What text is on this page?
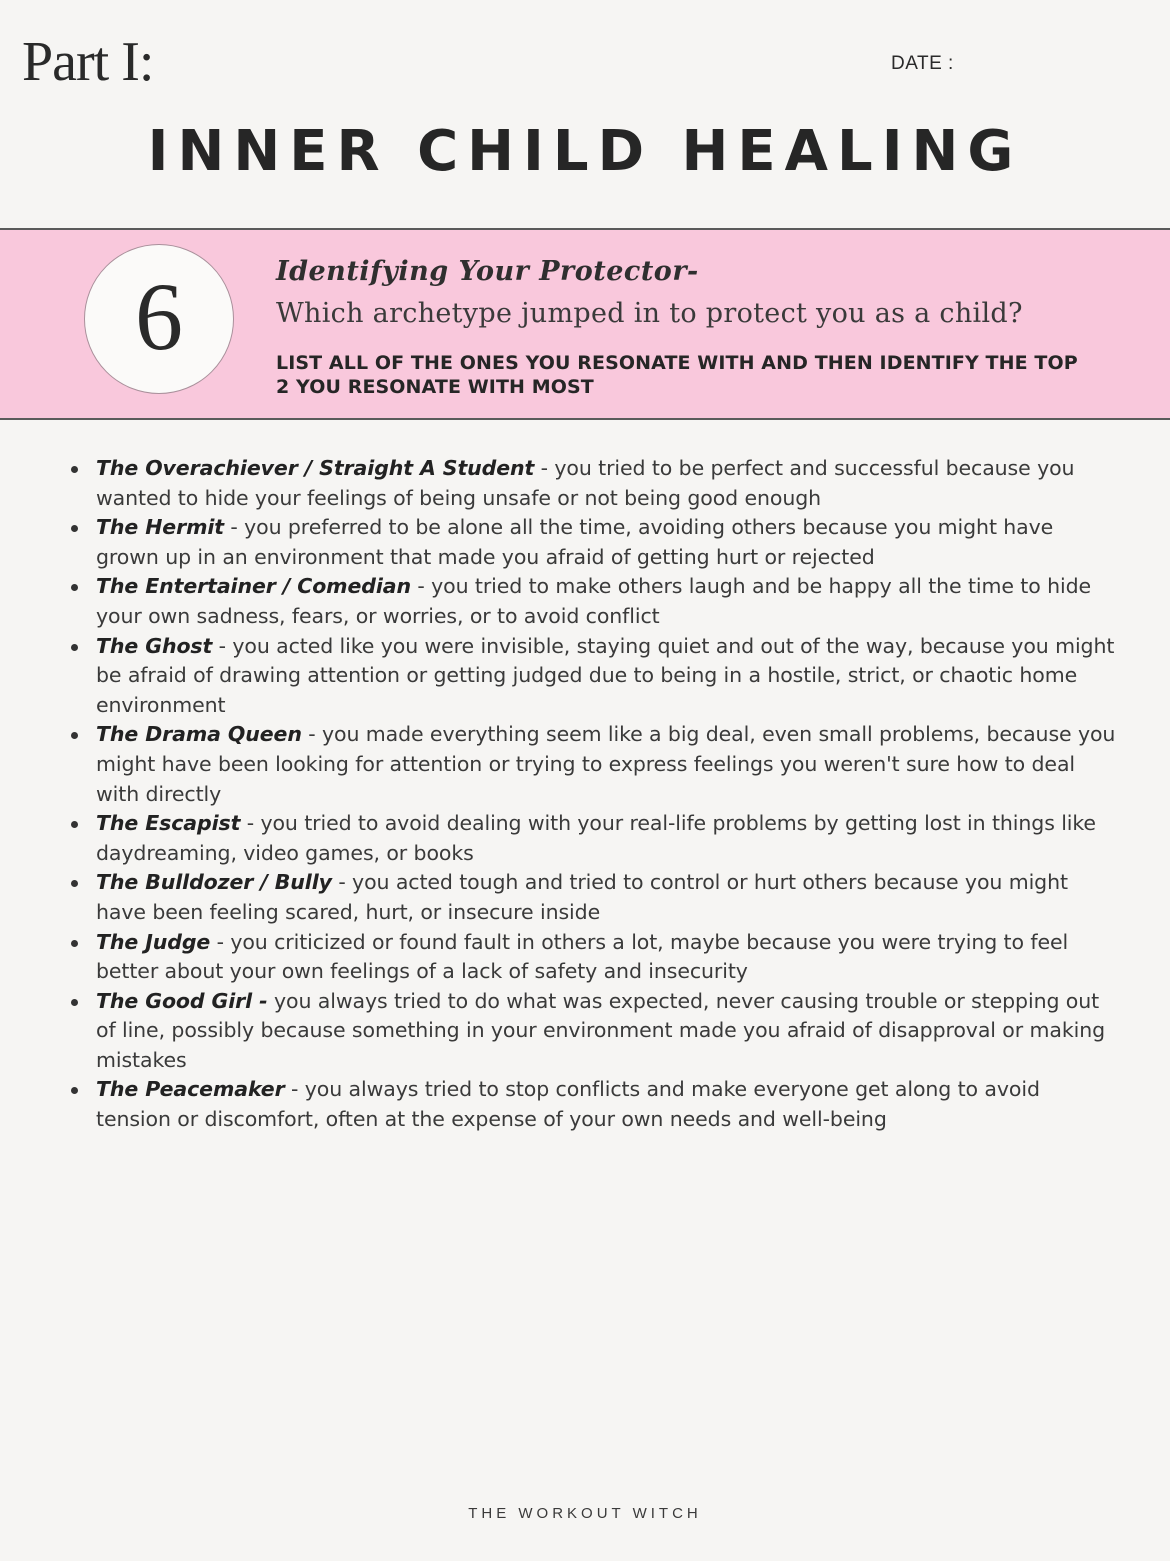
Part I:	DATE :
INNER CHILD HEALING
6	Identifying Your Protector-
Which archetype jumped in to protect you as a child?
LIST ALL OF THE ONES YOU RESONATE WITH AND THEN IDENTIFY THE TOP 2 YOU RESONATE WITH MOST
The Overachiever / Straight A Student - you tried to be perfect and successful because you wanted to hide your feelings of being unsafe or not being good enough
The Hermit - you preferred to be alone all the time, avoiding others because you might have grown up in an environment that made you afraid of getting hurt or rejected
The Entertainer / Comedian - you tried to make others laugh and be happy all the time to hide your own sadness, fears, or worries, or to avoid conflict
The Ghost - you acted like you were invisible, staying quiet and out of the way, because you might be afraid of drawing attention or getting judged due to being in a hostile, strict, or chaotic home environment
The Drama Queen - you made everything seem like a big deal, even small problems, because you might have been looking for attention or trying to express feelings you weren't sure how to deal with directly
The Escapist - you tried to avoid dealing with your real-life problems by getting lost in things like daydreaming, video games, or books
The Bulldozer / Bully - you acted tough and tried to control or hurt others because you might have been feeling scared, hurt, or insecure inside
The Judge - you criticized or found fault in others a lot, maybe because you were trying to feel better about your own feelings of a lack of safety and insecurity
The Good Girl - you always tried to do what was expected, never causing trouble or stepping out of line, possibly because something in your environment made you afraid of disapproval or making mistakes
The Peacemaker - you always tried to stop conflicts and make everyone get along to avoid tension or discomfort, often at the expense of your own needs and well-being
THE WORKOUT WITCH
